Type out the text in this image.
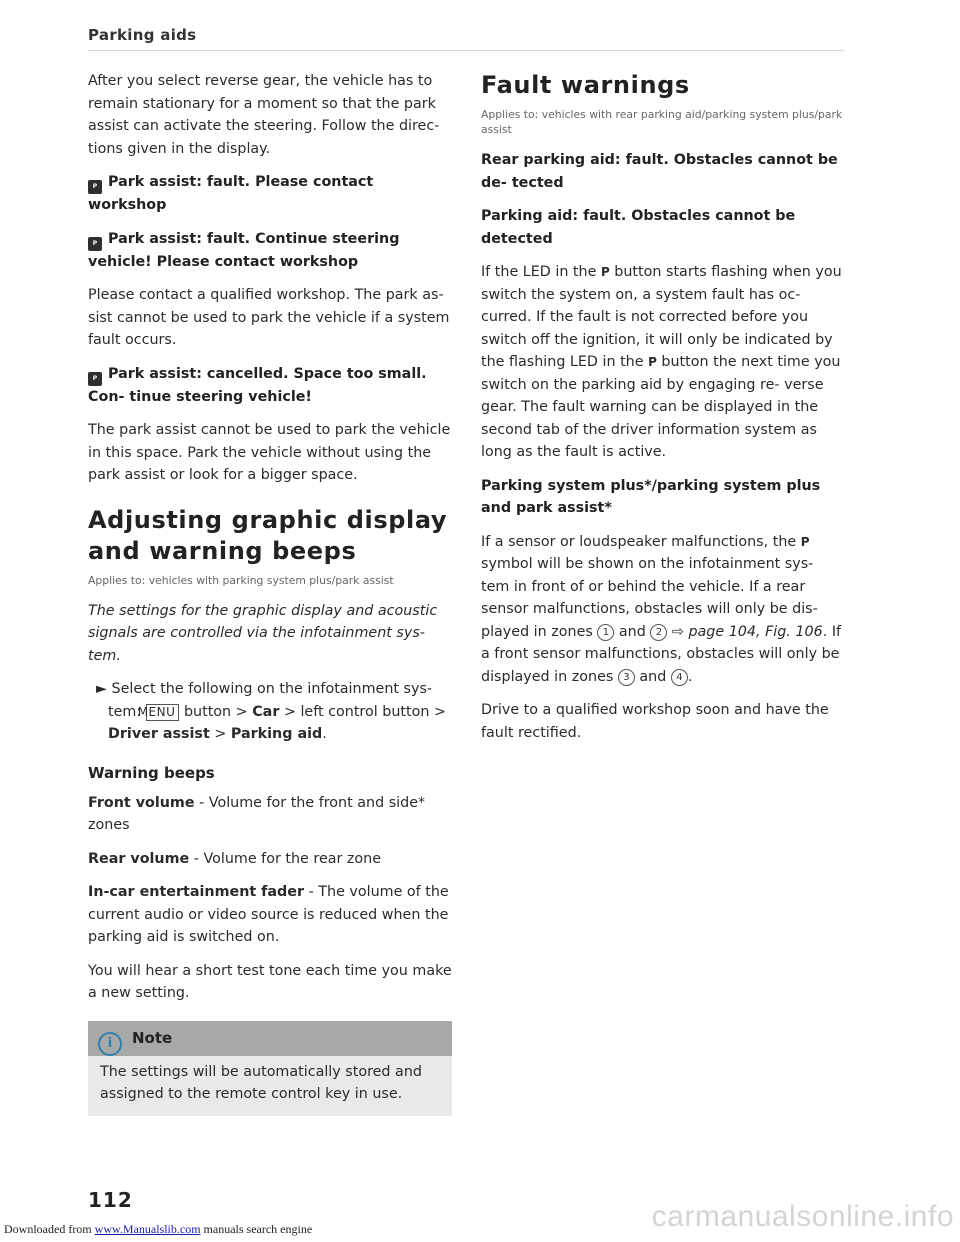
Parking aids

After you select reverse gear, the vehicle has to remain stationary for a moment so that the park assist can activate the steering. Follow the direc- tions given in the display.

P Park assist: fault. Please contact workshop

P Park assist: fault. Continue steering vehicle! Please contact workshop

Please contact a qualified workshop. The park as- sist cannot be used to park the vehicle if a system fault occurs.

P Park assist: cancelled. Space too small. Con- tinue steering vehicle!

The park assist cannot be used to park the vehicle in this space. Park the vehicle without using the park assist or look for a bigger space.

Adjusting graphic display and warning beeps

Applies to: vehicles with parking system plus/park assist

The settings for the graphic display and acoustic signals are controlled via the infotainment sys- tem.

► Select the following on the infotainment sys- tem: MENU button > Car > left control button > Driver assist > Parking aid.

Warning beeps

Front volume - Volume for the front and side* zones

Rear volume - Volume for the rear zone

In-car entertainment fader - The volume of the current audio or video source is reduced when the parking aid is switched on.

You will hear a short test tone each time you make a new setting.

i Note
The settings will be automatically stored and assigned to the remote control key in use.
Fault warnings

Applies to: vehicles with rear parking aid/parking system plus/park assist

Rear parking aid: fault. Obstacles cannot be de- tected

Parking aid: fault. Obstacles cannot be detected

If the LED in the P button starts flashing when you switch the system on, a system fault has oc- curred. If the fault is not corrected before you switch off the ignition, it will only be indicated by the flashing LED in the P button the next time you switch on the parking aid by engaging re- verse gear. The fault warning can be displayed in the second tab of the driver information system as long as the fault is active.

Parking system plus*/parking system plus and park assist*

If a sensor or loudspeaker malfunctions, the P symbol will be shown on the infotainment sys- tem in front of or behind the vehicle. If a rear sensor malfunctions, obstacles will only be dis- played in zones 1 and 2 ⇨ page 104, Fig. 106. If a front sensor malfunctions, obstacles will only be displayed in zones 3 and 4 .

Drive to a qualified workshop soon and have the fault rectified.

112
Downloaded from www.Manualslib.com manuals search engine	carmanualsonline.info
